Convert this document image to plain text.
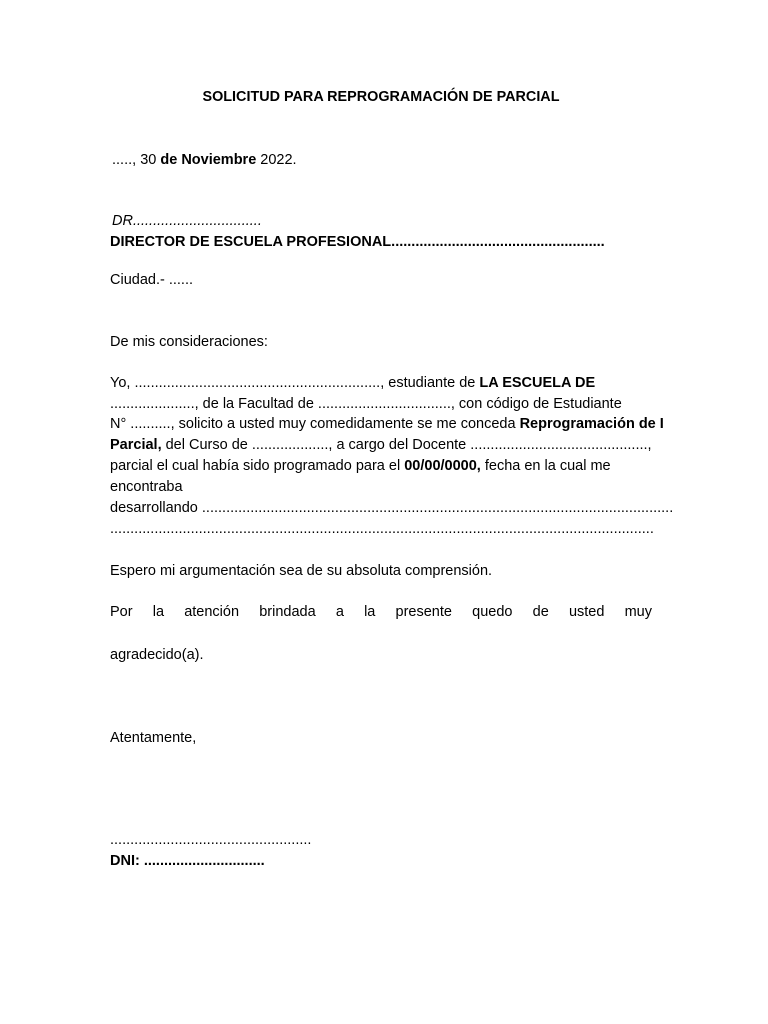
SOLICITUD PARA REPROGRAMACIÓN DE PARCIAL
....., 30 de Noviembre 2022.
DR................................
DIRECTOR DE ESCUELA PROFESIONAL.....................................................
Ciudad.- ......
De mis consideraciones:
Yo, ............................................................., estudiante de LA ESCUELA DE
....................., de la Facultad de ................................., con código de Estudiante
N° .........., solicito a usted muy comedidamente se me conceda Reprogramación de I
Parcial, del Curso de ..................., a cargo del Docente ............................................,
parcial el cual había sido programado para el 00/00/0000, fecha en la cual me
encontraba
desarrollando .....................................................................................................................
.......................................................................................................................................
Espero mi argumentación sea de su absoluta comprensión.
Por la atención brindada a la presente quedo de usted muy
agradecido(a).
Atentamente,
..................................................
DNI: ..............................
